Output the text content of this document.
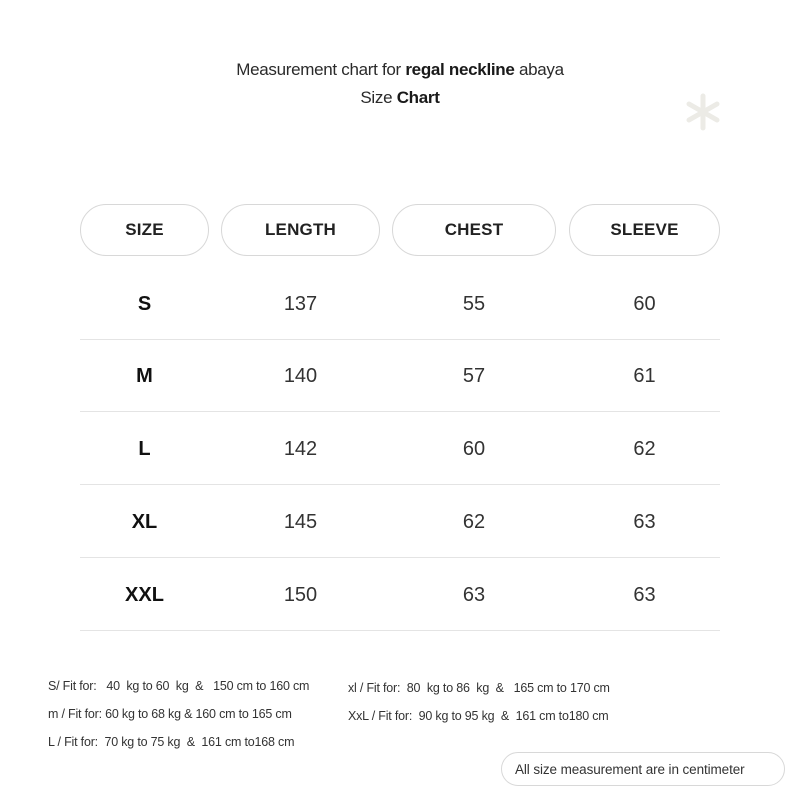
Measurement chart for regal neckline abaya
Size Chart
SIZE	LENGTH	CHEST	SLEEVE
S	137	55	60
M	140	57	61
L	142	60	62
XL	145	62	63
XXL	150	63	63
S/ Fit for:   40  kg to 60  kg  &   150 cm to 160 cm
m / Fit for: 60 kg to 68 kg & 160 cm to 165 cm
L / Fit for:  70 kg to 75 kg  &  161 cm to168 cm
xl / Fit for:  80  kg to 86  kg  &   165 cm to 170 cm
XxL / Fit for:  90 kg to 95 kg  &  161 cm to180 cm
All size measurement are in centimeter
